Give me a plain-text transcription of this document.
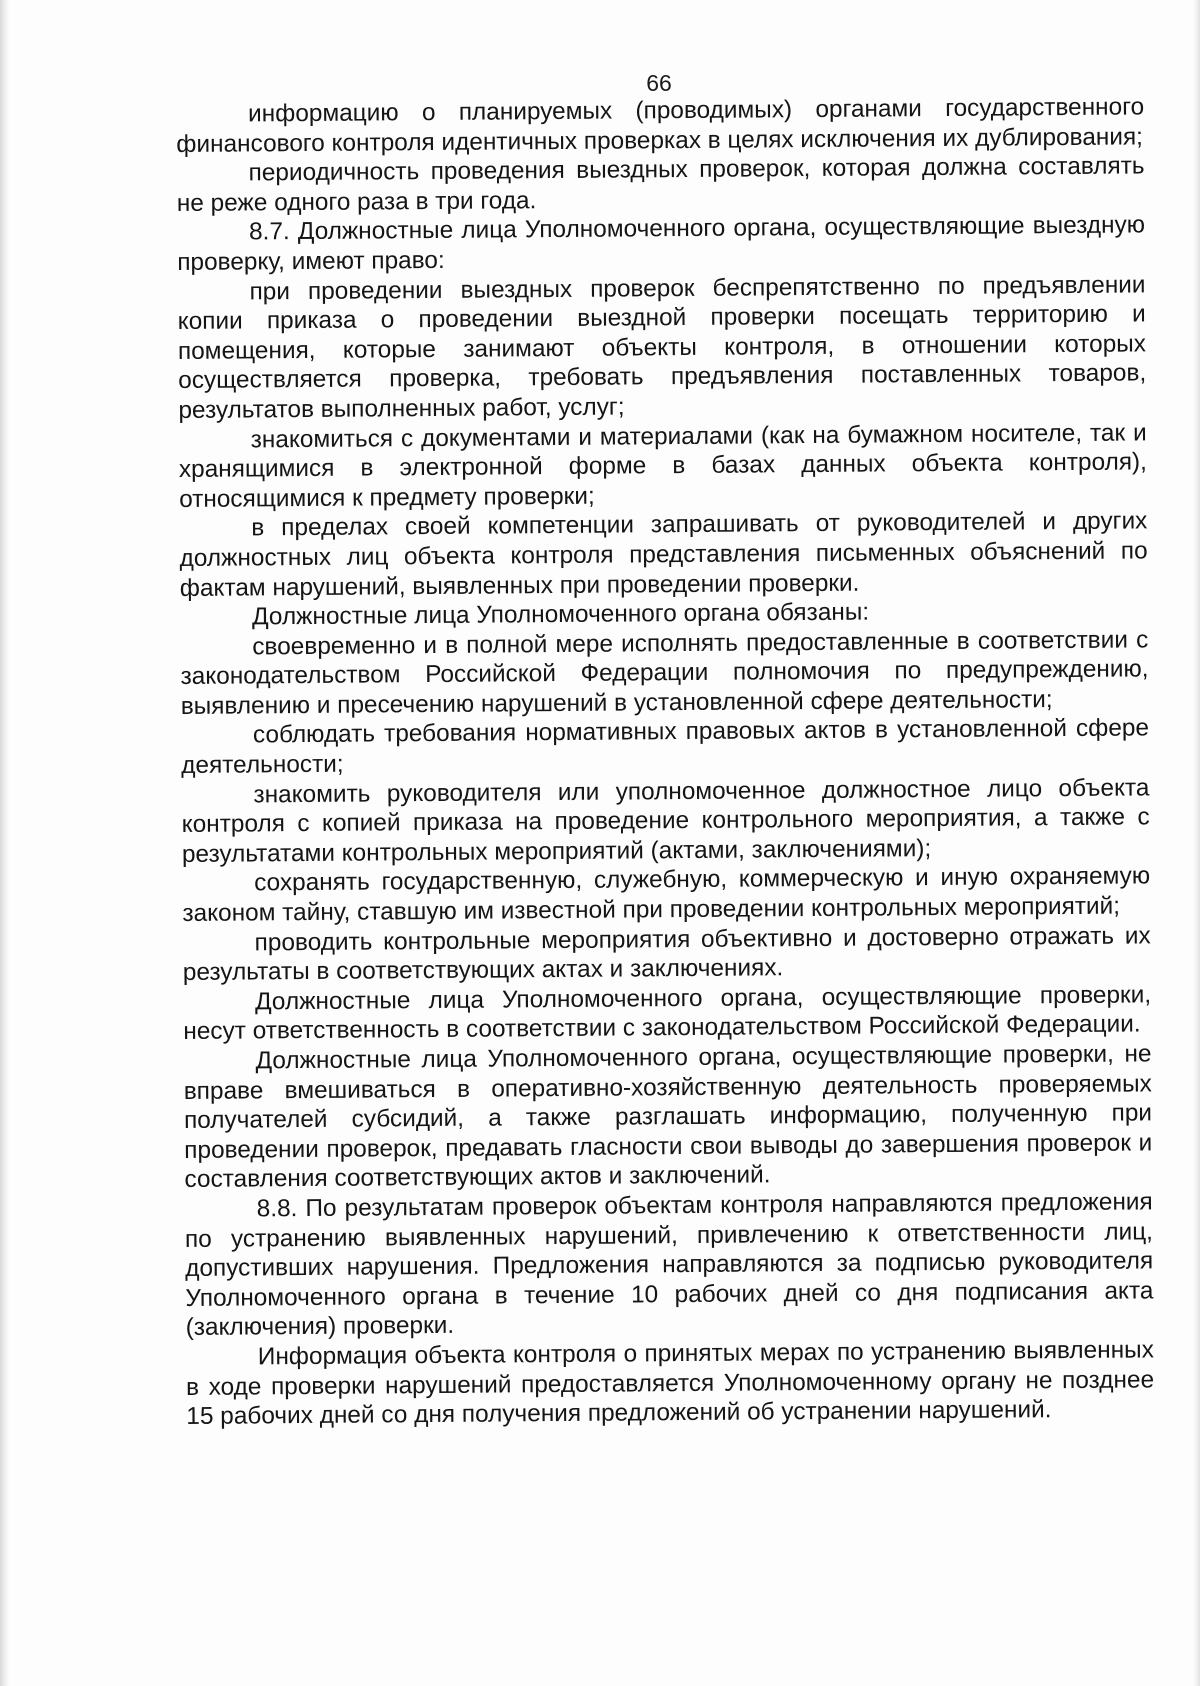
66

информацию о планируемых (проводимых) органами государственного финансового контроля идентичных проверках в целях исключения их дублирования;

периодичность проведения выездных проверок, которая должна составлять не реже одного раза в три года.

8.7. Должностные лица Уполномоченного органа, осуществляющие выездную проверку, имеют право:

при проведении выездных проверок беспрепятственно по предъявлении копии приказа о проведении выездной проверки посещать территорию и помещения, которые занимают объекты контроля, в отношении которых осуществляется проверка, требовать предъявления поставленных товаров, результатов выполненных работ, услуг;

знакомиться с документами и материалами (как на бумажном носителе, так и хранящимися в электронной форме в базах данных объекта контроля), относящимися к предмету проверки;

в пределах своей компетенции запрашивать от руководителей и других должностных лиц объекта контроля представления письменных объяснений по фактам нарушений, выявленных при проведении проверки.

Должностные лица Уполномоченного органа обязаны:

своевременно и в полной мере исполнять предоставленные в соответствии с законодательством Российской Федерации полномочия по предупреждению, выявлению и пресечению нарушений в установленной сфере деятельности;

соблюдать требования нормативных правовых актов в установленной сфере деятельности;

знакомить руководителя или уполномоченное должностное лицо объекта контроля с копией приказа на проведение контрольного мероприятия, а также с результатами контрольных мероприятий (актами, заключениями);

сохранять государственную, служебную, коммерческую и иную охраняемую законом тайну, ставшую им известной при проведении контрольных мероприятий;

проводить контрольные мероприятия объективно и достоверно отражать их результаты в соответствующих актах и заключениях.

Должностные лица Уполномоченного органа, осуществляющие проверки, несут ответственность в соответствии с законодательством Российской Федерации.

Должностные лица Уполномоченного органа, осуществляющие проверки, не вправе вмешиваться в оперативно-хозяйственную деятельность проверяемых получателей субсидий, а также разглашать информацию, полученную при проведении проверок, предавать гласности свои выводы до завершения проверок и составления соответствующих актов и заключений.

8.8. По результатам проверок объектам контроля направляются предложения по устранению выявленных нарушений, привлечению к ответственности лиц, допустивших нарушения. Предложения направляются за подписью руководителя Уполномоченного органа в течение 10 рабочих дней со дня подписания акта (заключения) проверки.

Информация объекта контроля о принятых мерах по устранению выявленных в ходе проверки нарушений предоставляется Уполномоченному органу не позднее 15 рабочих дней со дня получения предложений об устранении нарушений.
